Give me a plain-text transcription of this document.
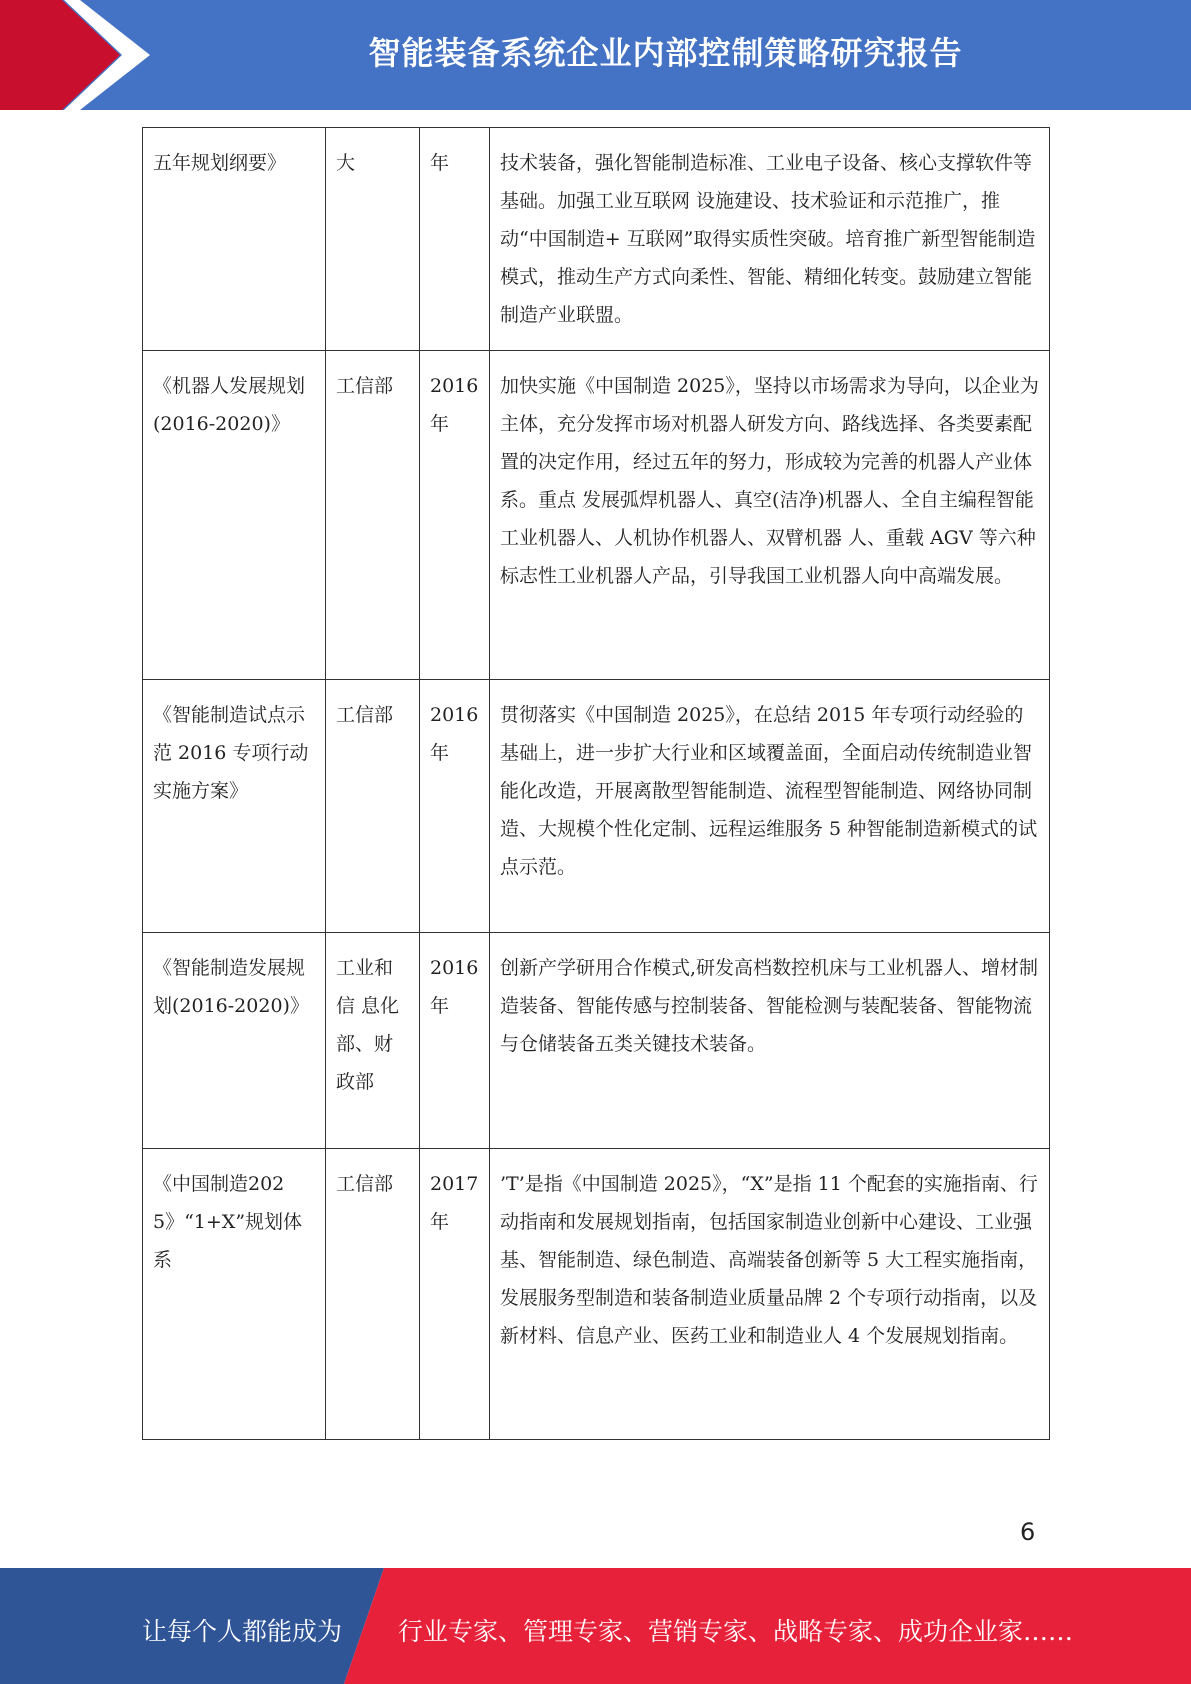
智能装备系统企业内部控制策略研究报告
五年规划纲要》	大	年	技术装备，强化智能制造标准、工业电子设备、核心支撑软件等基础。加强工业互联网 设施建设、技术验证和示范推广，推动“中国制造+ 互联网”取得实质性突破。培育推广新型智能制造模式，推动生产方式向柔性、智能、精细化转变。鼓励建立智能制造产业联盟。
《机器人发展规划(2016-2020)》	工信部	2016年	加快实施《中国制造 2025》，坚持以市场需求为导向，以企业为主体，充分发挥市场对机器人研发方向、路线选择、各类要素配置的决定作用，经过五年的努力，形成较为完善的机器人产业体系。重点 发展弧焊机器人、真空(洁净)机器人、全自主编程智能工业机器人、人机协作机器人、双臂机器 人、重载 AGV 等六种标志性工业机器人产品，引导我国工业机器人向中高端发展。
《智能制造试点示范 2016 专项行动实施方案》	工信部	2016年	贯彻落实《中国制造 2025》，在总结 2015 年专项行动经验的基础上，进一步扩大行业和区域覆盖面，全面启动传统制造业智能化改造，开展离散型智能制造、流程型智能制造、网络协同制造、大规模个性化定制、远程运维服务 5 种智能制造新模式的试点示范。
《智能制造发展规划(2016-2020)》	工业和信 息化部、财政部	2016年	创新产学研用合作模式,研发高档数控机床与工业机器人、增材制造装备、智能传感与控制装备、智能检测与装配装备、智能物流与仓储装备五类关键技术装备。
《中国制造2025》“1+X”规划体系	工信部	2017年	’T’是指《中国制造 2025》，“X”是指 11 个配套的实施指南、行动指南和发展规划指南，包括国家制造业创新中心建设、工业强基、智能制造、绿色制造、高端装备创新等 5 大工程实施指南，发展服务型制造和装备制造业质量品牌 2 个专项行动指南，以及新材料、信息产业、医药工业和制造业人 4 个发展规划指南。
6
让每个人都能成为 行业专家、管理专家、营销专家、战略专家、成功企业家……
